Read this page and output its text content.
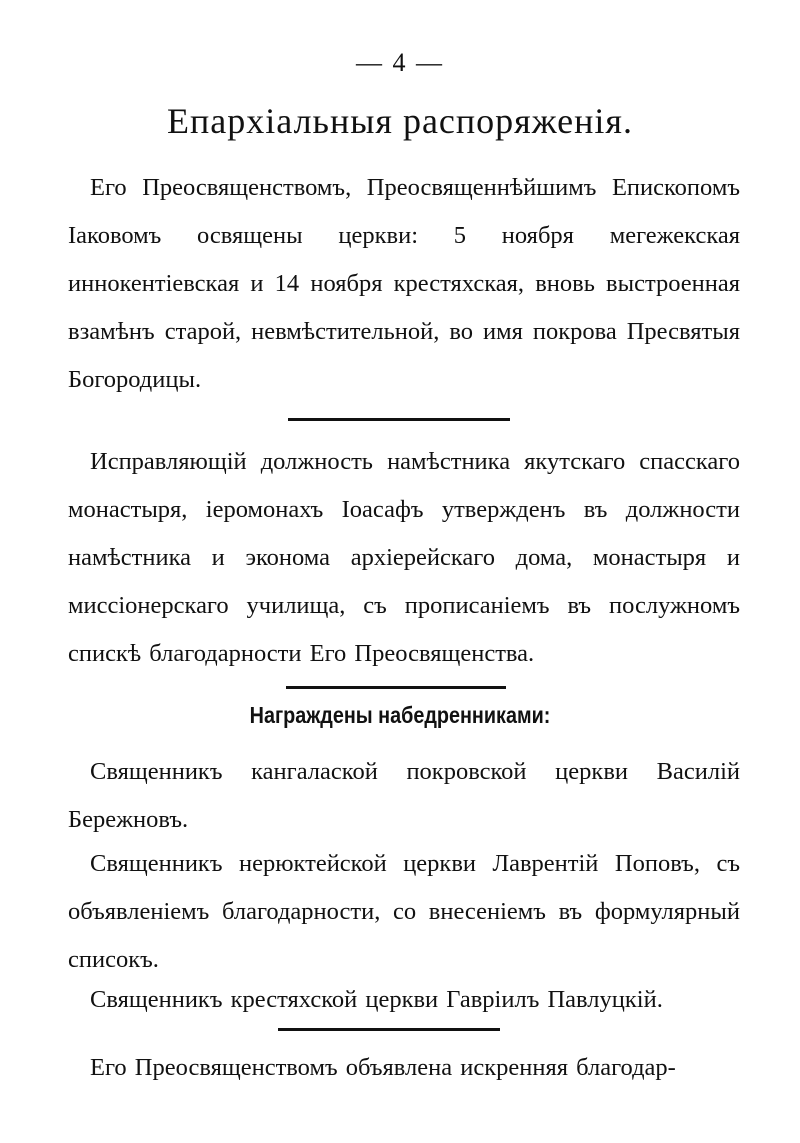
— 4 —
Епархіальныя распоряженія.
Его Преосвященствомъ, Преосвященнѣйшимъ Епископомъ Іаковомъ освящены церкви: 5 ноября мегежекская иннокентіевская и 14 ноября крестяхская, вновь выстроенная взамѣнъ старой, невмѣстительной, во имя покрова Пресвятыя Богородицы.
Исправляющій должность намѣстника якутскаго спасскаго монастыря, іеромонахъ Іоасафъ утвержденъ въ должности намѣстника и эконома архіерейскаго дома, монастыря и миссіонерскаго училища, съ прописаніемъ въ послужномъ спискѣ благодарности Его Преосвященства.
Награждены набедренниками:
Священникъ кангалаской покровской церкви Василій Бережновъ.
Священникъ нерюктейской церкви Лаврентій Поповъ, съ объявленіемъ благодарности, со внесеніемъ въ формулярный списокъ.
Священникъ крестяхской церкви Гавріилъ Павлуцкій.
Его Преосвященствомъ объявлена искренняя благодар-
